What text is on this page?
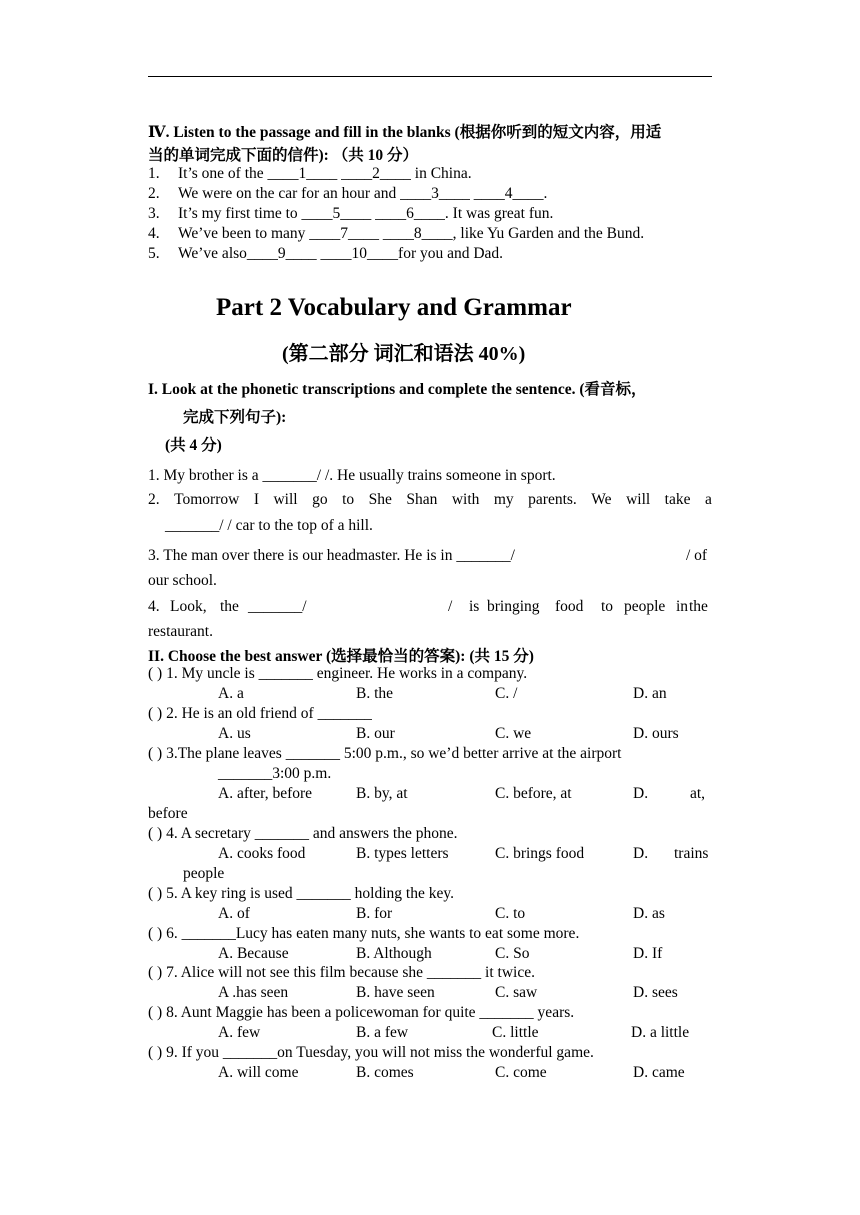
Ⅳ. Listen to the passage and fill in the blanks (根据你听到的短文内容，用适
当的单词完成下面的信件): （共 10 分）
1. It’s one of the ____1____ ____2____ in China.
2. We were on the car for an hour and ____3____ ____4____.
3. It’s my first time to ____5____ ____6____. It was great fun.
4. We’ve been to many ____7____ ____8____, like Yu Garden and the Bund.
5. We’ve also____9____ ____10____for you and Dad.
Part 2 Vocabulary and Grammar
(第二部分 词汇和语法 40%)
I. Look at the phonetic transcriptions and complete the sentence. (看音标，
完成下列句子):
(共 4 分)
1. My brother is a _______/ /. He usually trains someone in sport.
2. Tomorrow I will go to She Shan with my parents. We will take a
_______/ / car to the top of a hill.
3. The man over there is our headmaster. He is in _______/	/ of
our school.
4. Look, the _______/	/ is bringing food to people in the
restaurant.
II. Choose the best answer (选择最恰当的答案): (共 15 分)
( ) 1. My uncle is _______ engineer. He works in a company.
A. a	B. the	C. /	D. an
( ) 2. He is an old friend of _______
A. us	B. our	C. we	D. ours
( ) 3.The plane leaves _______ 5:00 p.m., so we’d better arrive at the airport
_______3:00 p.m.
A. after, before	B. by, at	C. before, at	D.	at,
before
( ) 4. A secretary _______ and answers the phone.
A. cooks food	B. types letters	C. brings food	D. trains
people
( ) 5. A key ring is used _______ holding the key.
A. of	B. for	C. to	D. as
( ) 6. _______Lucy has eaten many nuts, she wants to eat some more.
A. Because	B. Although	C. So	D. If
( ) 7. Alice will not see this film because she _______ it twice.
A .has seen	B. have seen	C. saw	D. sees
( ) 8. Aunt Maggie has been a policewoman for quite _______ years.
A. few	B. a few	C. little	D. a little
( ) 9. If you _______on Tuesday, you will not miss the wonderful game.
A. will come	B. comes	C. come	D. came
